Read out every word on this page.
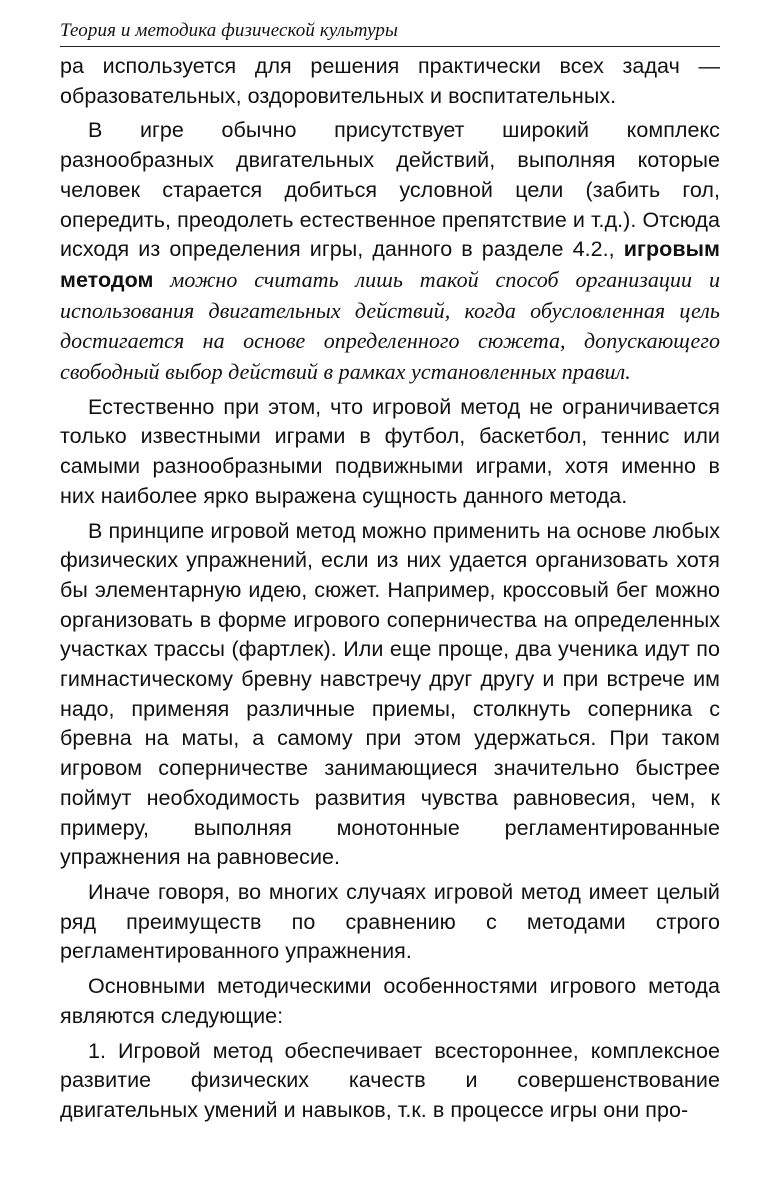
Теория и методика физической культуры

ра используется для решения практически всех задач — образовательных, оздоровительных и воспитательных.

В игре обычно присутствует широкий комплекс разнообразных двигательных действий, выполняя которые человек старается добиться условной цели (забить гол, опередить, преодолеть естественное препятствие и т.д.). Отсюда исходя из определения игры, данного в разделе 4.2., игровым методом можно считать лишь такой способ организации и использования двигательных действий, когда обусловленная цель достигается на основе определенного сюжета, допускающего свободный выбор действий в рамках установленных правил.

Естественно при этом, что игровой метод не ограничивается только известными играми в футбол, баскетбол, теннис или самыми разнообразными подвижными играми, хотя именно в них наиболее ярко выражена сущность данного метода.

В принципе игровой метод можно применить на основе любых физических упражнений, если из них удается организовать хотя бы элементарную идею, сюжет. Например, кроссовый бег можно организовать в форме игрового соперничества на определенных участках трассы (фартлек). Или еще проще, два ученика идут по гимнастическому бревну навстречу друг другу и при встрече им надо, применяя различные приемы, столкнуть соперника с бревна на маты, а самому при этом удержаться. При таком игровом соперничестве занимающиеся значительно быстрее поймут необходимость развития чувства равновесия, чем, к примеру, выполняя монотонные регламентированные упражнения на равновесие.

Иначе говоря, во многих случаях игровой метод имеет целый ряд преимуществ по сравнению с методами строго регламентированного упражнения.

Основными методическими особенностями игрового метода являются следующие:

1. Игровой метод обеспечивает всестороннее, комплексное развитие физических качеств и совершенствование двигательных умений и навыков, т.к. в процессе игры они про-
